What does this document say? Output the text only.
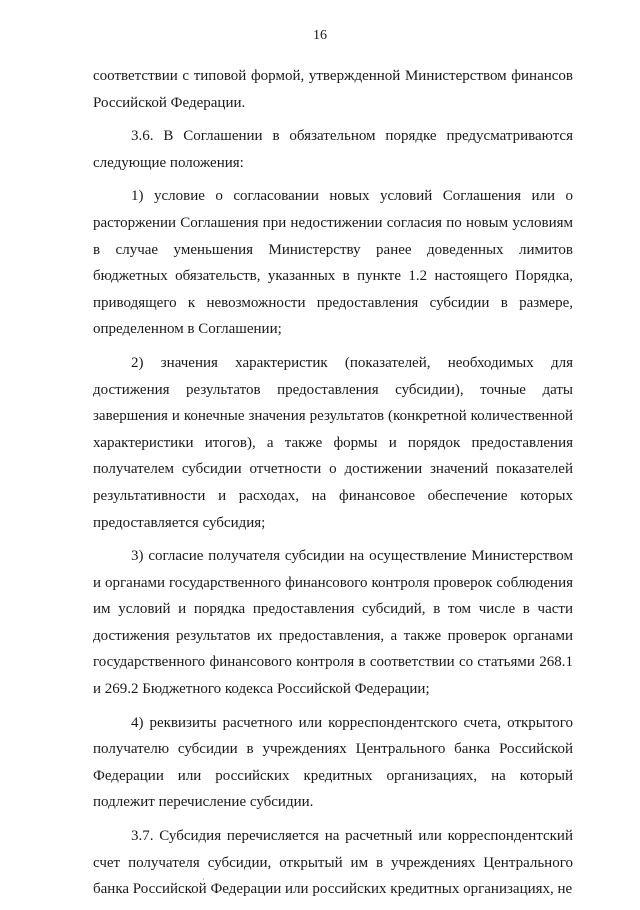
16

соответствии с типовой формой, утвержденной Министерством финансов Российской Федерации.

3.6. В Соглашении в обязательном порядке предусматриваются следующие положения:

1) условие о согласовании новых условий Соглашения или о расторжении Соглашения при недостижении согласия по новым условиям в случае уменьшения Министерству ранее доведенных лимитов бюджетных обязательств, указанных в пункте 1.2 настоящего Порядка, приводящего к невозможности предоставления субсидии в размере, определенном в Соглашении;

2) значения характеристик (показателей, необходимых для достижения результатов предоставления субсидии), точные даты завершения и конечные значения результатов (конкретной количественной характеристики итогов), а также формы и порядок предоставления получателем субсидии отчетности о достижении значений показателей результативности и расходах, на финансовое обеспечение которых предоставляется субсидия;

3) согласие получателя субсидии на осуществление Министерством и органами государственного финансового контроля проверок соблюдения им условий и порядка предоставления субсидий, в том числе в части достижения результатов их предоставления, а также проверок органами государственного финансового контроля в соответствии со статьями 268.1 и 269.2 Бюджетного кодекса Российской Федерации;

4) реквизиты расчетного или корреспондентского счета, открытого получателю субсидии в учреждениях Центрального банка Российской Федерации или российских кредитных организациях, на который подлежит перечисление субсидии.

3.7. Субсидия перечисляется на расчетный или корреспондентский счет получателя субсидии, открытый им в учреждениях Центрального банка Российской Федерации или российских кредитных организациях, не
